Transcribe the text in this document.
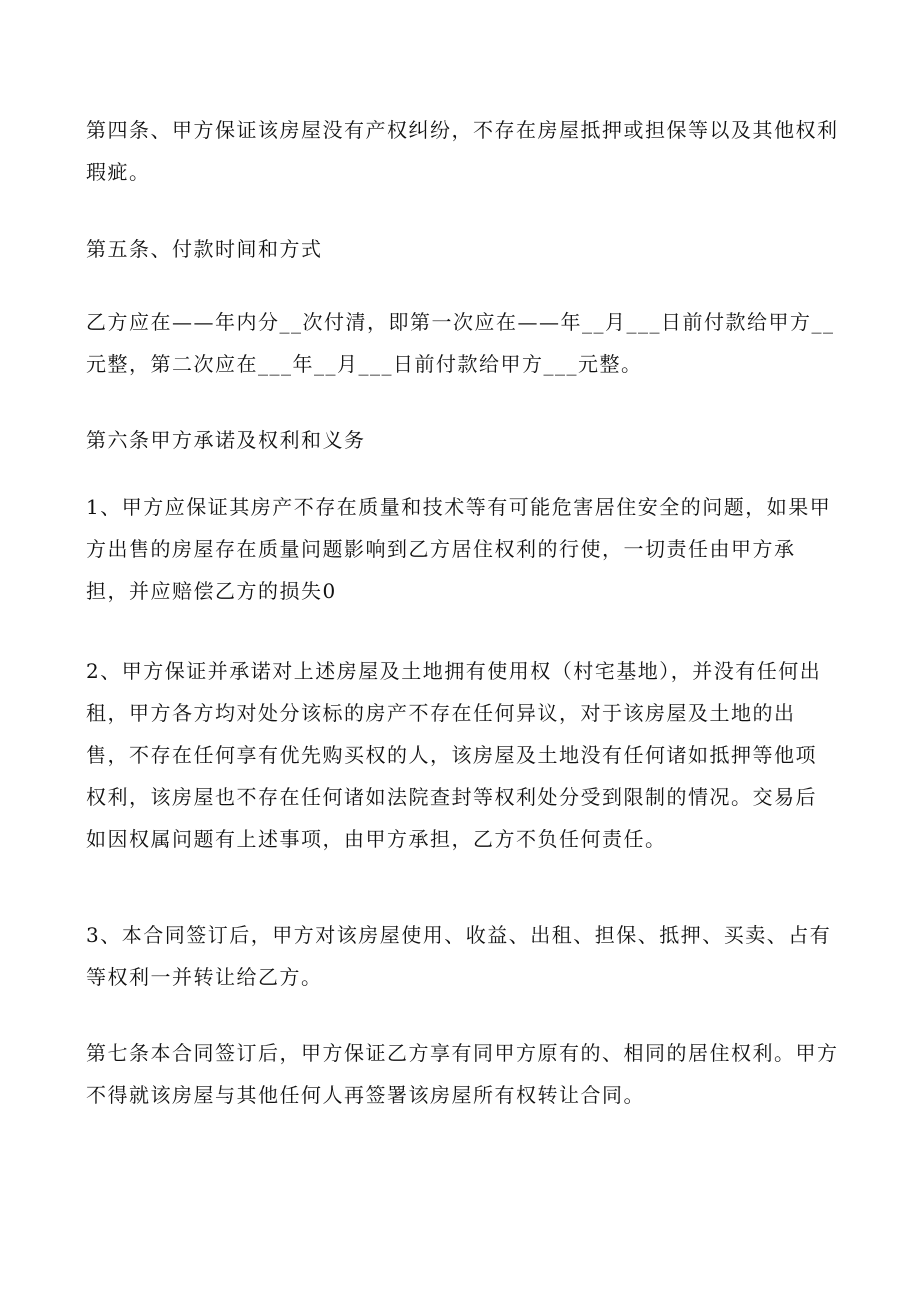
第四条、甲方保证该房屋没有产权纠纷，不存在房屋抵押或担保等以及其他权利
瑕疵。
第五条、付款时间和方式
乙方应在——年内分__次付清，即第一次应在——年__月___日前付款给甲方__
元整，第二次应在___年__月___日前付款给甲方___元整。
第六条甲方承诺及权利和义务
1、甲方应保证其房产不存在质量和技术等有可能危害居住安全的问题，如果甲
方出售的房屋存在质量问题影响到乙方居住权利的行使，一切责任由甲方承
担，并应赔偿乙方的损失0
2、甲方保证并承诺对上述房屋及土地拥有使用权（村宅基地），并没有任何出
租，甲方各方均对处分该标的房产不存在任何异议，对于该房屋及土地的出
售，不存在任何享有优先购买权的人，该房屋及土地没有任何诸如抵押等他项
权利，该房屋也不存在任何诸如法院查封等权利处分受到限制的情况。交易后
如因权属问题有上述事项，由甲方承担，乙方不负任何责任。
3、本合同签订后，甲方对该房屋使用、收益、出租、担保、抵押、买卖、占有
等权利一并转让给乙方。
第七条本合同签订后，甲方保证乙方享有同甲方原有的、相同的居住权利。甲方
不得就该房屋与其他任何人再签署该房屋所有权转让合同。
